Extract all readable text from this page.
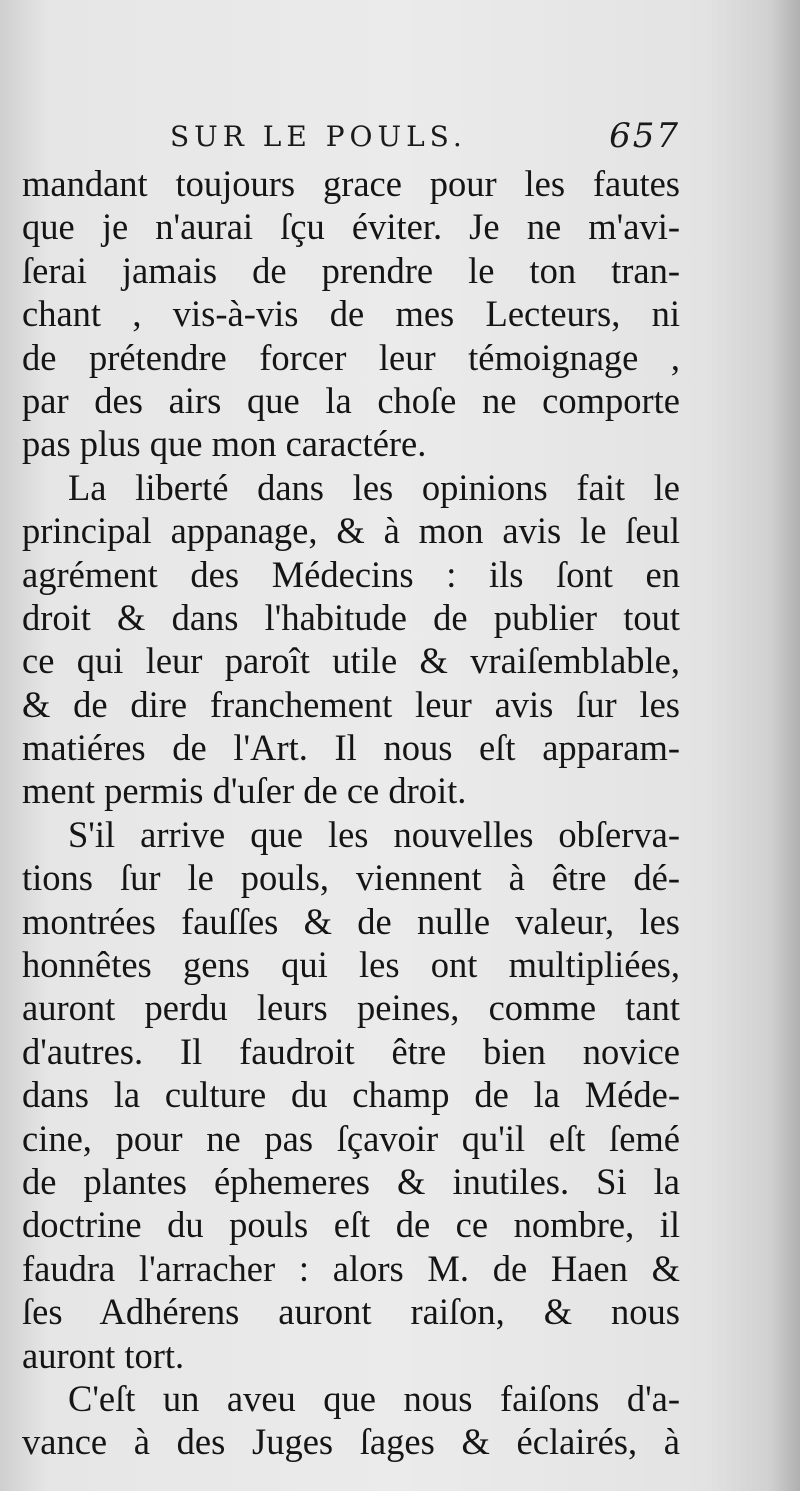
SUR LE POULS.	657
mandant toujours grace pour les fautes
que je n'aurai ſçu éviter. Je ne m'avi-
ſerai jamais de prendre le ton tran-
chant , vis-à-vis de mes Lecteurs, ni
de prétendre forcer leur témoignage ,
par des airs que la choſe ne comporte
pas plus que mon caractére.
La liberté dans les opinions fait le
principal appanage, & à mon avis le ſeul
agrément des Médecins : ils ſont en
droit & dans l'habitude de publier tout
ce qui leur paroît utile & vraiſemblable,
& de dire franchement leur avis ſur les
matiéres de l'Art. Il nous eſt apparam-
ment permis d'uſer de ce droit.
S'il arrive que les nouvelles obſerva-
tions ſur le pouls, viennent à être dé-
montrées fauſſes & de nulle valeur, les
honnêtes gens qui les ont multipliées,
auront perdu leurs peines, comme tant
d'autres. Il faudroit être bien novice
dans la culture du champ de la Méde-
cine, pour ne pas ſçavoir qu'il eſt ſemé
de plantes éphemeres & inutiles. Si la
doctrine du pouls eſt de ce nombre, il
faudra l'arracher : alors M. de Haen &
ſes Adhérens auront raiſon, & nous
auront tort.
C'eſt un aveu que nous faiſons d'a-
vance à des Juges ſages & éclairés, à
